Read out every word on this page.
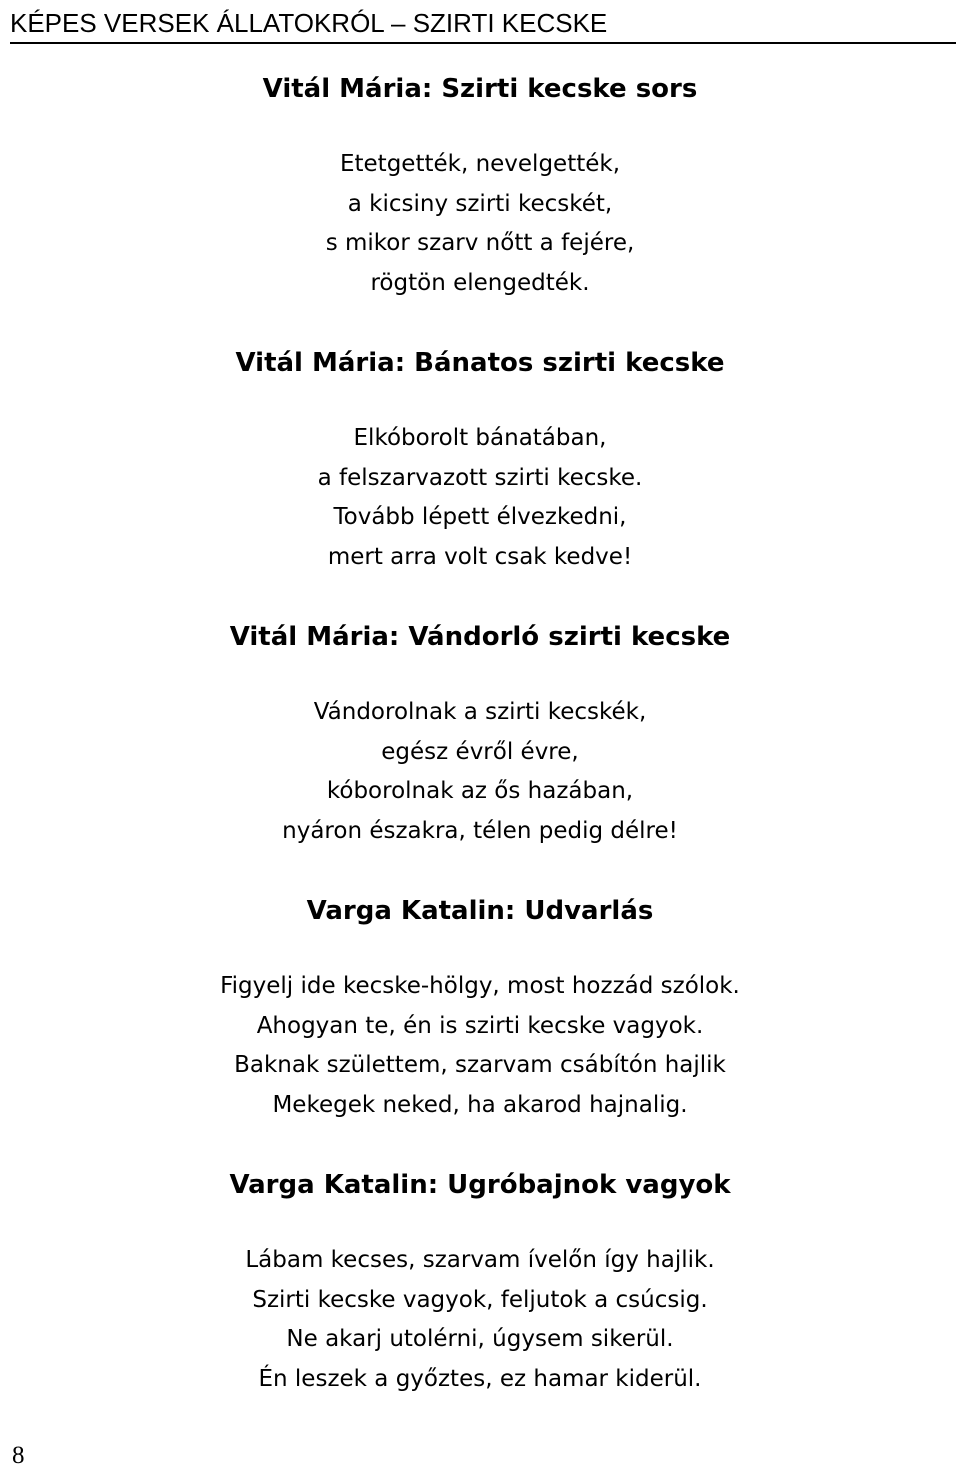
KÉPES VERSEK ÁLLATOKRÓL – SZIRTI KECSKE
Vitál Mária: Szirti kecske sors
Etetgették, nevelgették,
a kicsiny szirti kecskét,
s mikor szarv nőtt a fejére,
rögtön elengedték.
Vitál Mária: Bánatos szirti kecske
Elkóborolt bánatában,
a felszarvazott szirti kecske.
Tovább lépett élvezkedni,
mert arra volt csak kedve!
Vitál Mária: Vándorló szirti kecske
Vándorolnak a szirti kecskék,
egész évről évre,
kóborolnak az ős hazában,
nyáron északra, télen pedig délre!
Varga Katalin: Udvarlás
Figyelj ide kecske-hölgy, most hozzád szólok.
Ahogyan te, én is szirti kecske vagyok.
Baknak születtem, szarvam csábítón hajlik
Mekegek neked, ha akarod hajnalig.
Varga Katalin: Ugróbajnok vagyok
Lábam kecses, szarvam ívelőn így hajlik.
Szirti kecske vagyok, feljutok a csúcsig.
Ne akarj utolérni, úgysem sikerül.
Én leszek a győztes, ez hamar kiderül.
8
